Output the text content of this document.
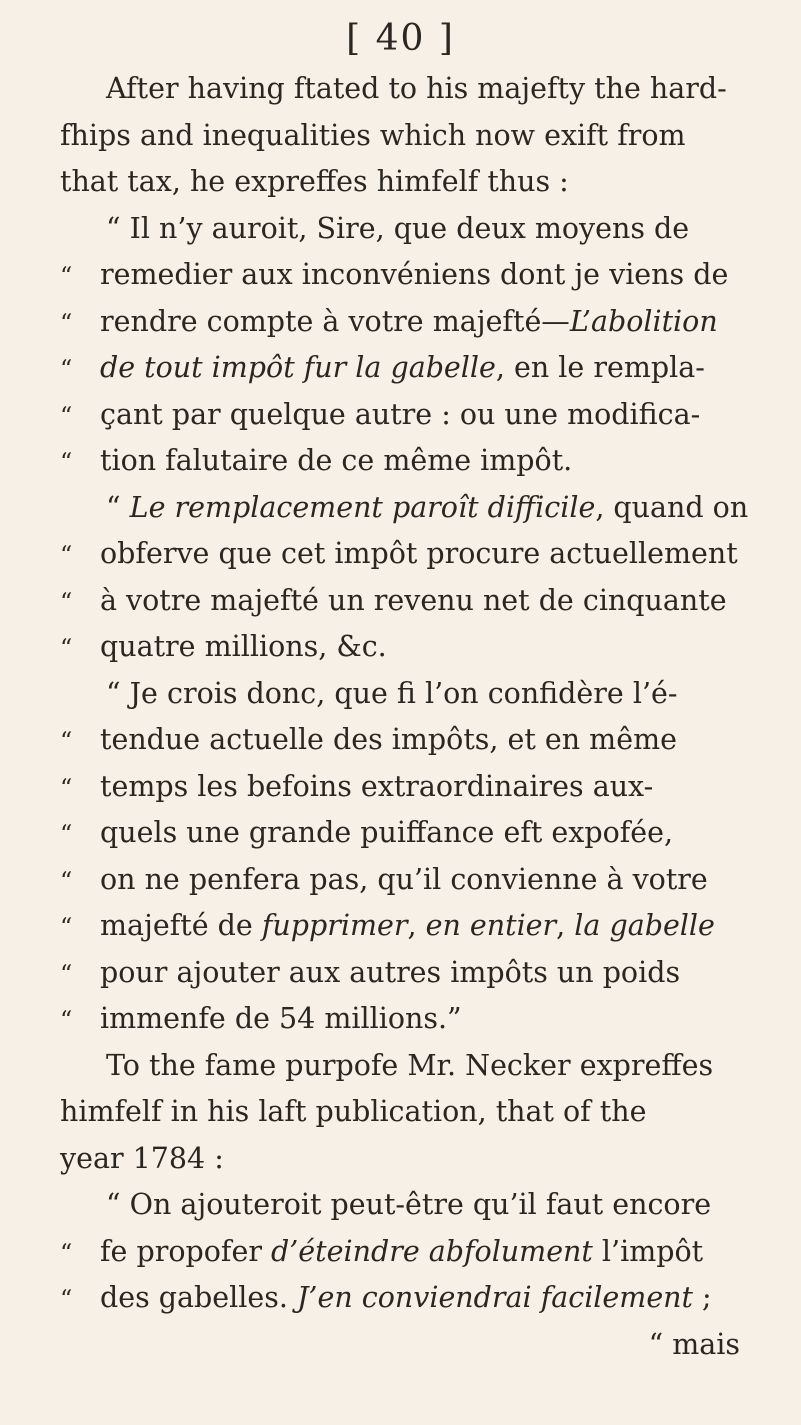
[ 40 ]
After having ftated to his majefty the hard-
fhips and inequalities which now exift from
that tax, he expreffes himfelf thus :
“ Il n’y auroit, Sire, que deux moyens de
“ remedier aux inconvéniens dont je viens de
“ rendre compte à votre majefté—L’abolition
“ de tout impôt fur la gabelle, en le rempla-
“ çant par quelque autre : ou une modifica-
“ tion falutaire de ce même impôt.
“ Le remplacement paroît difficile, quand on
“ obferve que cet impôt procure actuellement
“ à votre majefté un revenu net de cinquante
“ quatre millions, &c.
“ Je crois donc, que fi l’on confidère l’é-
“ tendue actuelle des impôts, et en même
“ temps les befoins extraordinaires aux-
“ quels une grande puiffance eft expofée,
“ on ne penfera pas, qu’il convienne à votre
“ majefté de fupprimer, en entier, la gabelle
“ pour ajouter aux autres impôts un poids
“ immenfe de 54 millions.”
To the fame purpofe Mr. Necker expreffes
himfelf in his laft publication, that of the
year 1784 :
“ On ajouteroit peut-être qu’il faut encore
“ fe propofer d’éteindre abfolument l’impôt
“ des gabelles. J’en conviendrai facilement ;
“ mais
